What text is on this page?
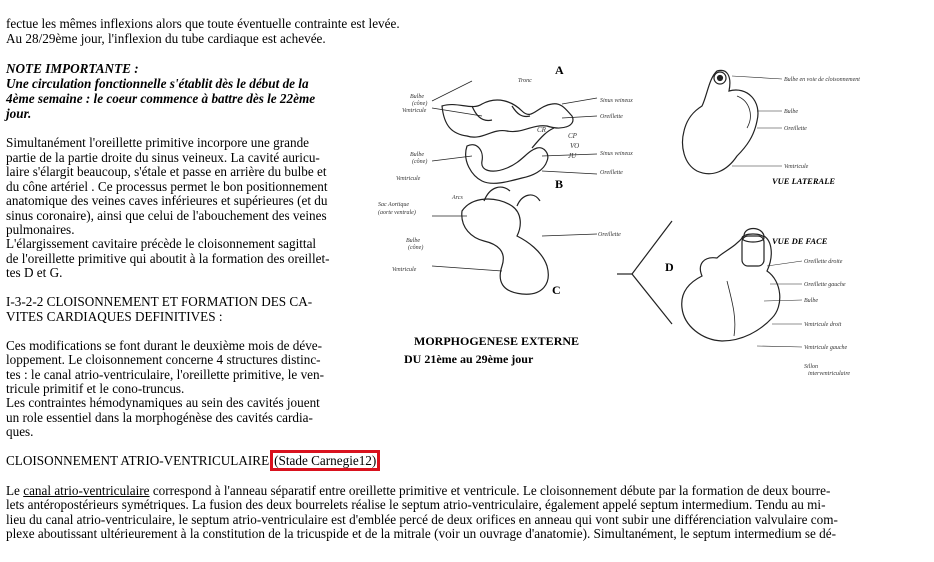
fectue les mêmes inflexions alors que toute éventuelle contrainte est levée.
Au 28/29ème jour, l'inflexion du tube cardiaque est achevée.
NOTE IMPORTANTE :
Une circulation fonctionnelle s'établit dès le début de la
4ème semaine : le coeur commence à battre dès le 22ème
jour.
Simultanément l'oreillette primitive incorpore une grande
partie de la partie droite du sinus veineux. La cavité auricu-
laire s'élargit beaucoup, s'étale et passe en arrière du bulbe et
du cône artériel . Ce processus permet le bon positionnement
anatomique des veines caves inférieures et supérieures (et du
sinus coronaire), ainsi que celui de l'abouchement des veines
pulmonaires.
L'élargissement cavitaire précède le cloisonnement sagittal
de l'oreillette primitive qui aboutit à la formation des oreillet-
tes D et G.
I-3-2-2 CLOISONNEMENT ET FORMATION DES CA-
VITES CARDIAQUES DEFINITIVES :
Ces modifications se font durant le deuxième mois de déve-
loppement. Le cloisonnement concerne 4 structures distinc-
tes : le canal atrio-ventriculaire, l'oreillette primitive, le ven-
tricule primitif et le cono-truncus.
Les contraintes hémodynamiques au sein des cavités jouent
un role essentiel dans la morphogénèse des cavités cardia-
ques.
CLOISONNEMENT ATRIO-VENTRICULAIRE (Stade Carnegie12)
Le canal atrio-ventriculaire correspond à l'anneau séparatif entre oreillette primitive et ventricule. Le cloisonnement débute par la formation de deux bourre-
lets antéropostérieurs symétriques. La fusion des deux bourrelets réalise le septum atrio-ventriculaire, également appelé septum intermedium. Tendu au mi-
lieu du canal atrio-ventriculaire, le septum atrio-ventriculaire est d'emblée percé de deux orifices en anneau qui vont subir une différenciation valvulaire com-
plexe aboutissant ultérieurement à la constitution de la tricuspide et de la mitrale (voir un ouvrage d'anatomie). Simultanément, le septum intermedium se dé-
A
B
C
D
Tronc
Bulbe
(cône)
Ventricule
Sinus veineux
Oreillette
Bulbe
(cône)
Ventricule
CR
CP
VO
JU	Sinus veineux
Oreillette
Sac Aortique
(aorte ventrale)
Arcs
Oreillette
Bulbe
(cône)
Ventricule
Bulbe en voie de cloisonnement
Bulbe
Oreillette
Ventricule
Oreillette droite
Oreillette gauche
Bulbe
Ventricule droit
Ventricule gauche
Sillon
interventriculaire
VUE LATERALE
VUE DE FACE
MORPHOGENESE EXTERNE
DU 21ème au 29ème jour
